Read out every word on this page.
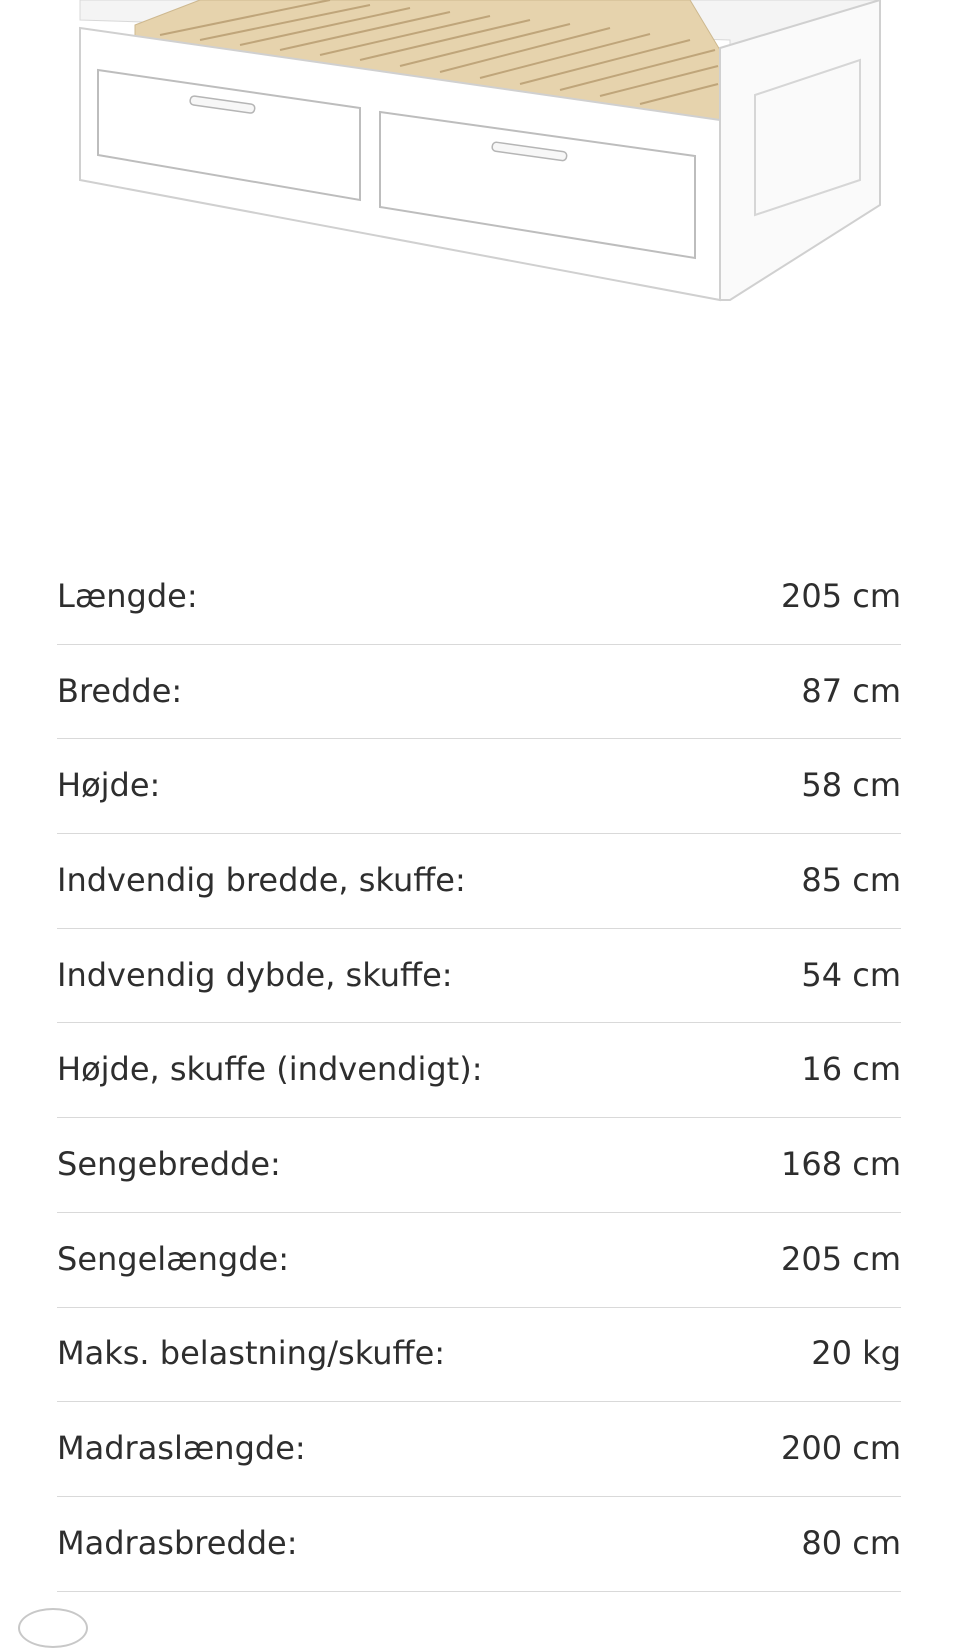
Længde:	205 cm
Bredde:	87 cm
Højde:	58 cm
Indvendig bredde, skuffe:	85 cm
Indvendig dybde, skuffe:	54 cm
Højde, skuffe (indvendigt):	16 cm
Sengebredde:	168 cm
Sengelængde:	205 cm
Maks. belastning/skuffe:	20 kg
Madraslængde:	200 cm
Madrasbredde:	80 cm
